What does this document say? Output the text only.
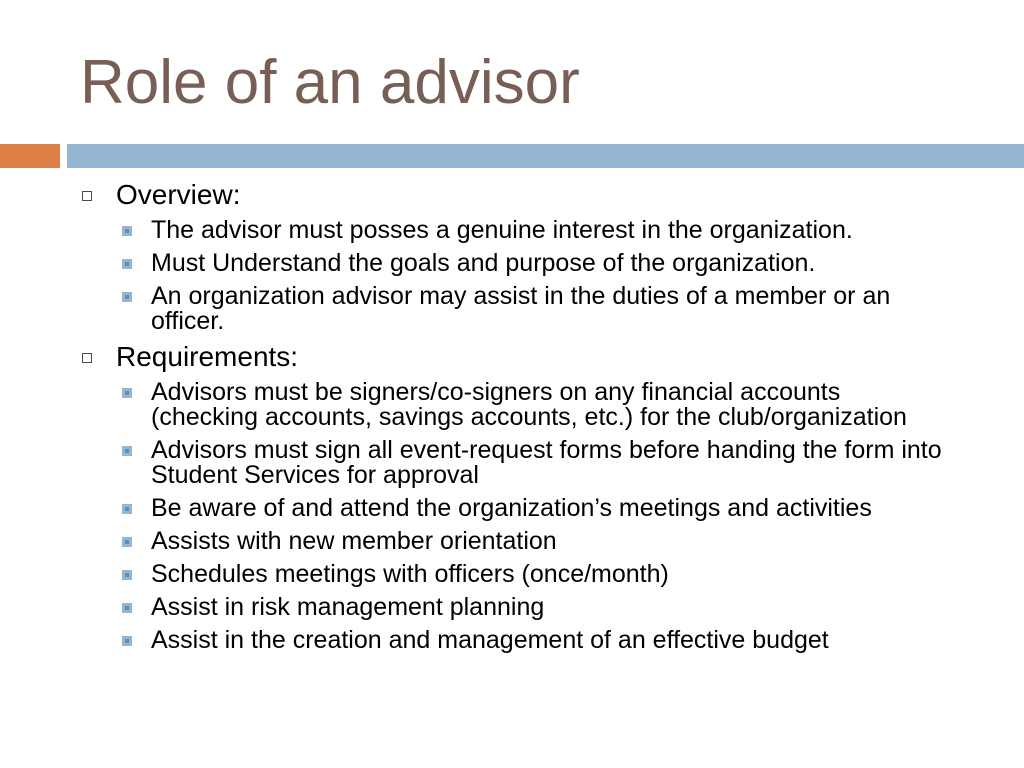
Role of an advisor
Overview:
The advisor must posses a genuine interest in the organization.
Must Understand the goals and purpose of the organization.
An organization advisor may assist in the duties of a member or an
officer.
Requirements:
Advisors must be signers/co-signers on any financial accounts
(checking accounts, savings accounts, etc.) for the club/organization
Advisors must sign all event-request forms before handing the form into
Student Services for approval
Be aware of and attend the organization’s meetings and activities
Assists with new member orientation
Schedules meetings with officers (once/month)
Assist in risk management planning
Assist in the creation and management of an effective budget
